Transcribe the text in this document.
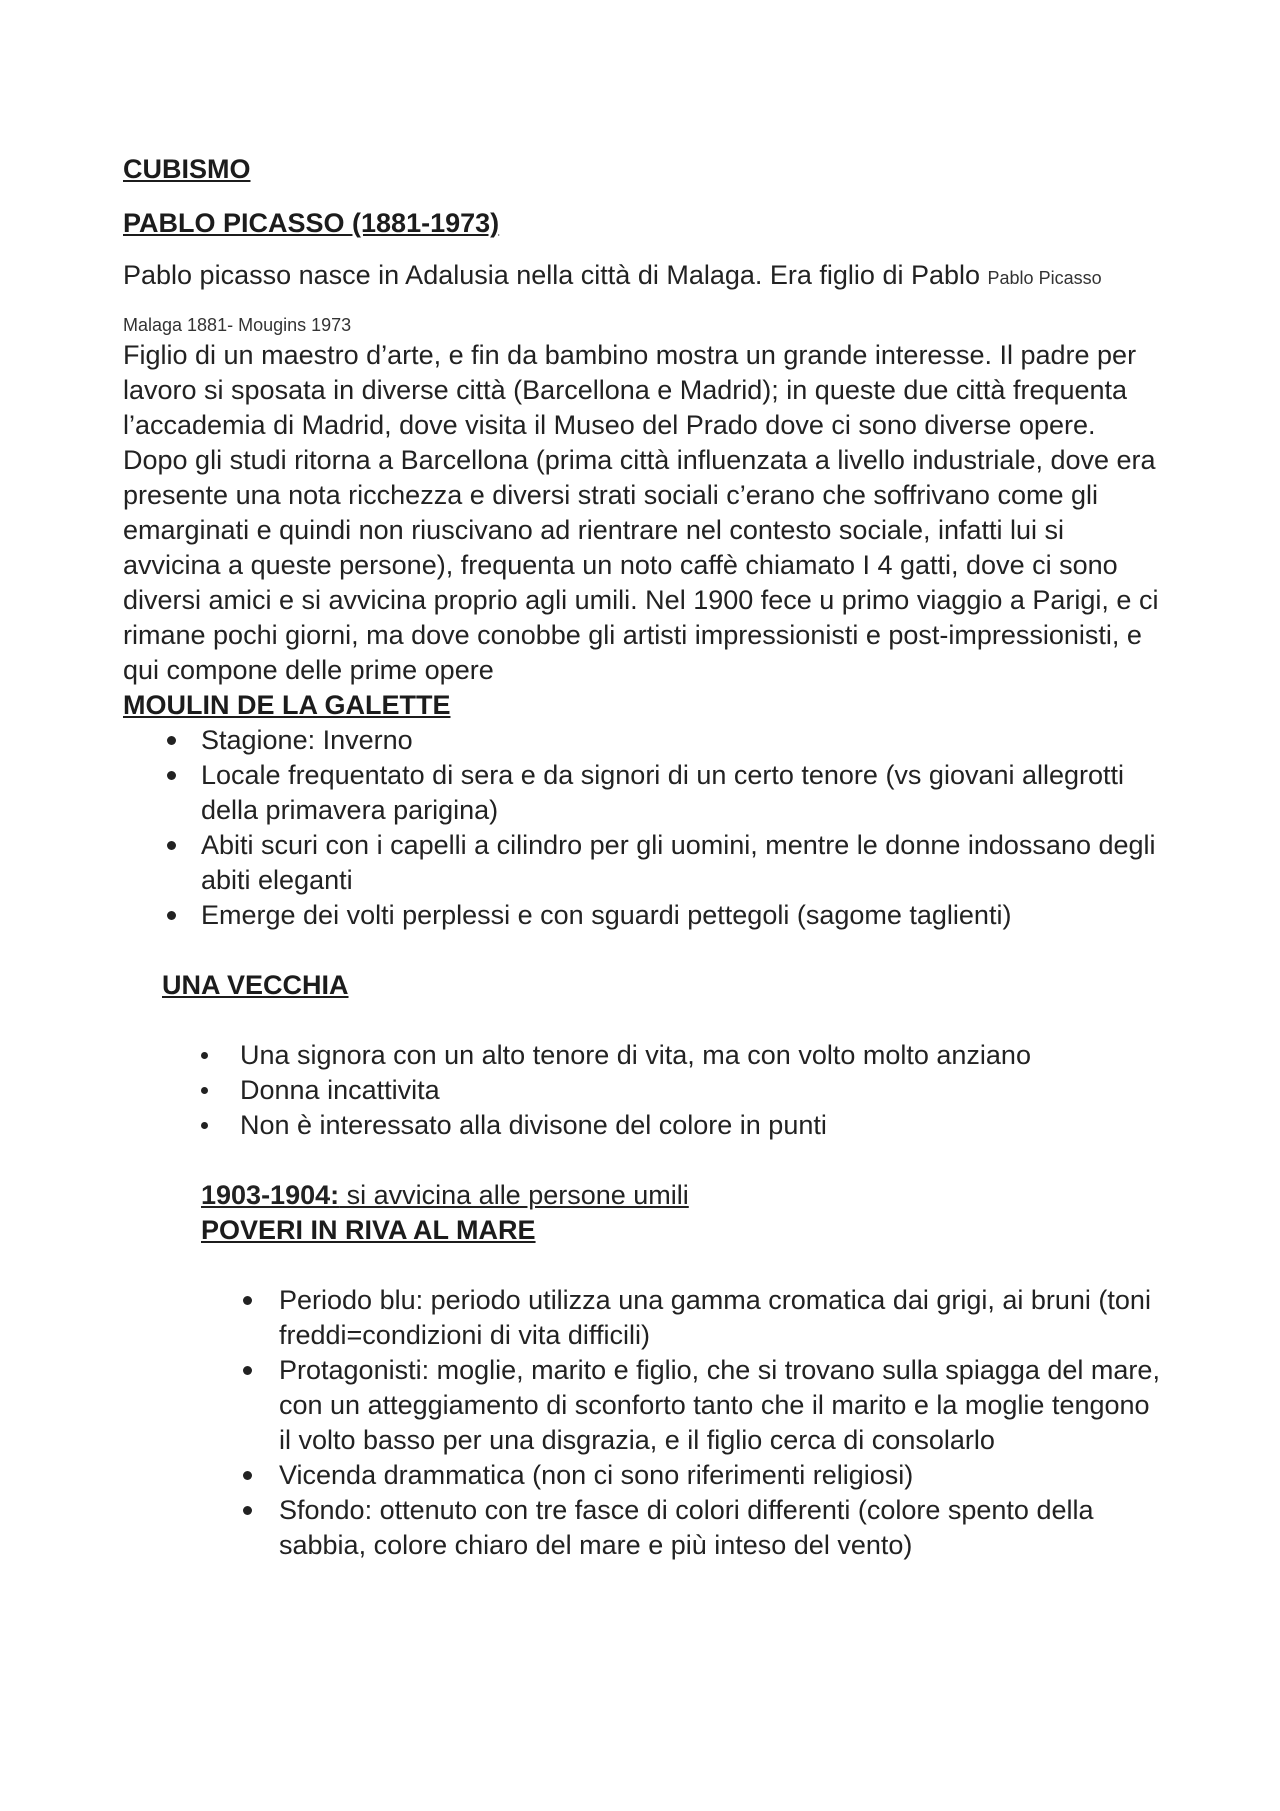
CUBISMO

PABLO PICASSO (1881-1973)

Pablo picasso nasce in Adalusia nella città di Malaga. Era figlio di Pablo Pablo Picasso

Malaga 1881- Mougins 1973

Figlio di un maestro d’arte, e fin da bambino mostra un grande interesse. Il padre per lavoro si sposata in diverse città (Barcellona e Madrid); in queste due città frequenta l’accademia di Madrid, dove visita il Museo del Prado dove ci sono diverse opere. Dopo gli studi ritorna a Barcellona (prima città influenzata a livello industriale, dove era presente una nota ricchezza e diversi strati sociali c’erano che soffrivano come gli emarginati e quindi non riuscivano ad rientrare nel contesto sociale, infatti lui si avvicina a queste persone), frequenta un noto caffè chiamato I 4 gatti, dove ci sono diversi amici e si avvicina proprio agli umili. Nel 1900 fece u primo viaggio a Parigi, e ci rimane pochi giorni, ma dove conobbe gli artisti impressionisti e post-impressionisti, e qui compone delle prime opere

MOULIN DE LA GALETTE

Stagione: Inverno
Locale frequentato di sera e da signori di un certo tenore (vs giovani allegrotti della primavera parigina)
Abiti scuri con i capelli a cilindro per gli uomini, mentre le donne indossano degli abiti eleganti
Emerge dei volti perplessi e con sguardi pettegoli (sagome taglienti)

UNA VECCHIA

Una signora con un alto tenore di vita, ma con volto molto anziano
Donna incattivita
Non è interessato alla divisone del colore in punti

1903-1904: si avvicina alle persone umili

POVERI IN RIVA AL MARE

Periodo blu: periodo utilizza una gamma cromatica dai grigi, ai bruni (toni freddi=condizioni di vita difficili)
Protagonisti: moglie, marito e figlio, che si trovano sulla spiagga del mare, con un atteggiamento di sconforto tanto che il marito e la moglie tengono il volto basso per una disgrazia, e il figlio cerca di consolarlo
Vicenda drammatica (non ci sono riferimenti religiosi)
Sfondo: ottenuto con tre fasce di colori differenti (colore spento della sabbia, colore chiaro del mare e più inteso del vento)
